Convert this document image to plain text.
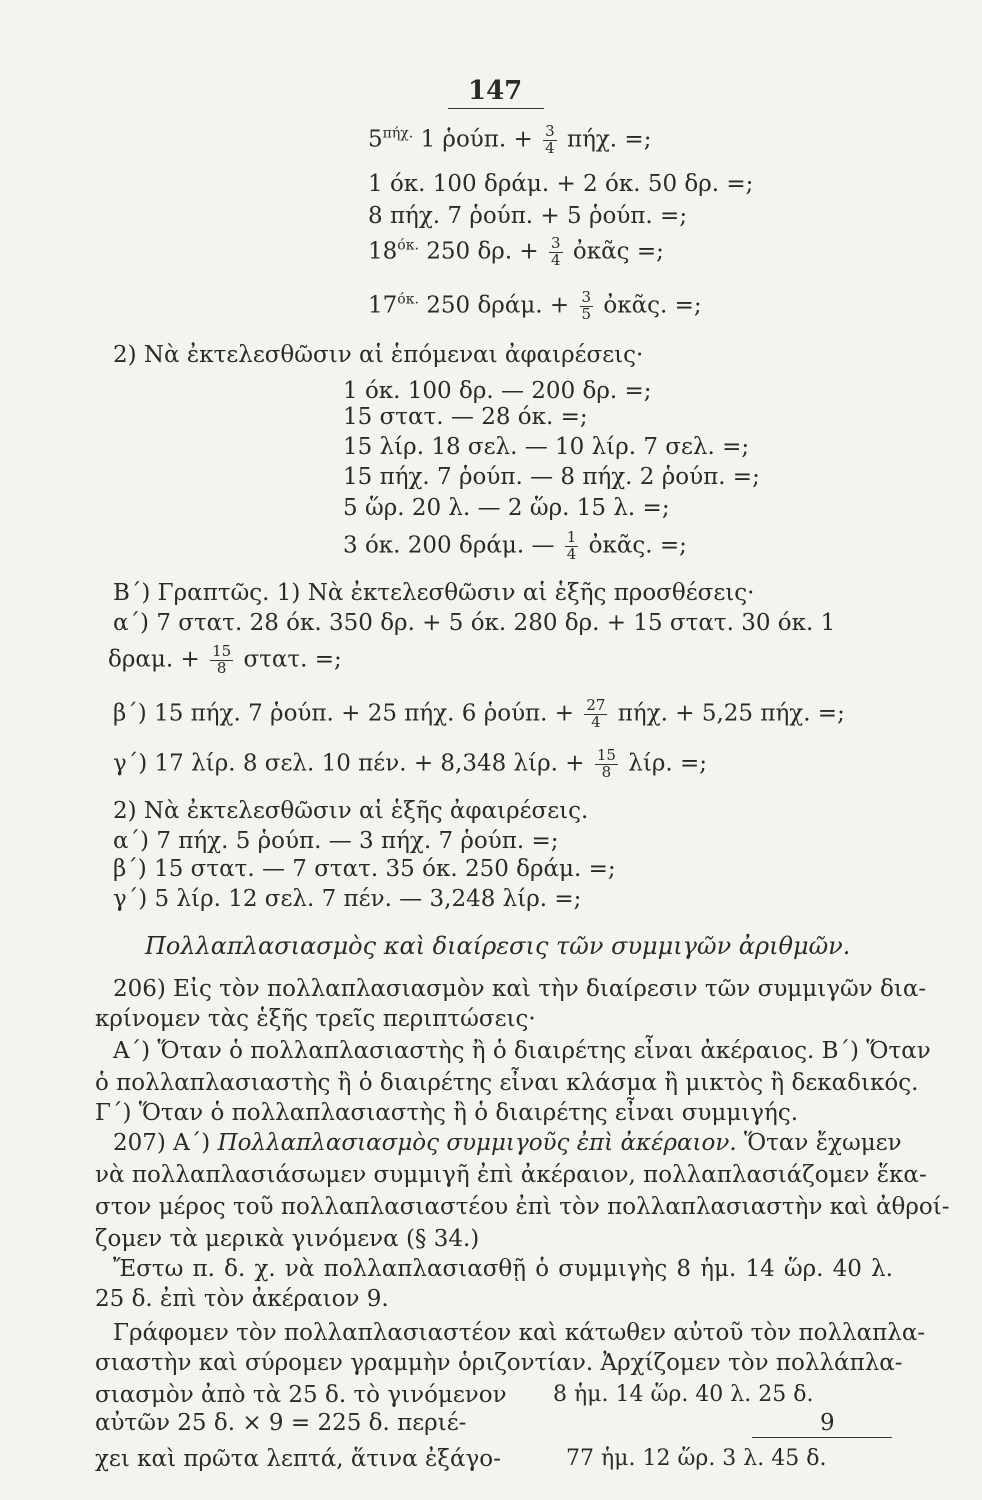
147
$5^{\pi ή\chi.}$ 1 ῥούπ. + $\frac{3}{4} \pi ή\chi$. =;
1 όκ. 100 δράμ. + 2 όκ. 50 δρ. =;
8 πήχ. 7 ῥούπ. + 5 ῥούπ. =;
$18^{ό\kappa.}$ 250 δρ. + $\frac{3}{4}$ ὀκᾶς =;
$17^{ό\kappa.}$ 250 δράμ. + $\frac{3}{5}$ ὀκᾶς. =;
2) Νὰ ἐκτελεσθῶσιν αἱ ἑπόμεναι ἀφαιρέσεις·
1 όκ. 100 δρ. — 200 δρ. =;
15 στατ. — 28 όκ. =;
15 λίρ. 18 σελ. — 10 λίρ. 7 σελ. =;
15 πήχ. 7 ῥούπ. — 8 πήχ. 2 ῥούπ. =;
5 ὥρ. 20 λ. — 2 ὥρ. 15 λ. =;
3 όκ. 200 δράμ. — $\frac{1}{4}$ ὀκᾶς. =;
Β΄) Γραπτῶς. 1) Νὰ ἐκτελεσθῶσιν αἱ ἑξῆς προσθέσεις·
α΄) 7 στατ. 28 όκ. 350 δρ. + 5 όκ. 280 δρ. + 15 στατ. 30 όκ. 1
δραμ. + $\frac{15}{8} \sigma\tau\alpha\tau$. =;
β΄) 15 πήχ. 7 ῥούπ. + 25 πήχ. 6 ῥούπ. + $\frac{27}{4} \pi ή\chi$. + 5,25 πήχ. =;
γ΄) 17 λίρ. 8 σελ. 10 πέν. + 8,348 λίρ. + $\frac{15}{8} \lambda ί\rho$. =;
2) Νὰ ἐκτελεσθῶσιν αἱ ἑξῆς ἀφαιρέσεις.
α΄) 7 πήχ. 5 ῥούπ. — 3 πήχ. 7 ῥούπ. =;
β΄) 15 στατ. — 7 στατ. 35 όκ. 250 δράμ. =;
γ΄) 5 λίρ. 12 σελ. 7 πέν. — 3,248 λίρ. =;
Πολλαπλασιασμὸς καὶ διαίρεσις τῶν συμμιγῶν ἀριθμῶν.
206) Εἰς τὸν πολλαπλασιασμὸν καὶ τὴν διαίρεσιν τῶν συμμιγῶν δια-
κρίνομεν τὰς ἑξῆς τρεῖς περιπτώσεις·
Α΄) Ὅταν ὁ πολλαπλασιαστὴς ἢ ὁ διαιρέτης εἶναι ἀκέραιος. Β΄) Ὅταν
ὁ πολλαπλασιαστὴς ἢ ὁ διαιρέτης εἶναι κλάσμα ἢ μικτὸς ἢ δεκαδικός.
Γ΄) Ὅταν ὁ πολλαπλασιαστὴς ἢ ὁ διαιρέτης εἶναι συμμιγής.
207) Α΄) Πολλαπλασιασμὸς συμμιγοῦς ἐπὶ ἀκέραιον. Ὅταν ἔχωμεν
νὰ πολλαπλασιάσωμεν συμμιγῆ ἐπὶ ἀκέραιον, πολλαπλασιάζομεν ἕκα-
στον μέρος τοῦ πολλαπλασιαστέου ἐπὶ τὸν πολλαπλασιαστὴν καὶ ἀθροί-
ζομεν τὰ μερικὰ γινόμενα (§ 34.)
Ἔστω π. δ. χ. νὰ πολλαπλασιασθῇ ὁ συμμιγὴς 8 ἡμ. 14 ὥρ. 40 λ.
25 δ. ἐπὶ τὸν ἀκέραιον 9.
Γράφομεν τὸν πολλαπλασιαστέον καὶ κάτωθεν αὐτοῦ τὸν πολλαπλα-
σιαστὴν καὶ σύρομεν γραμμὴν ὁριζοντίαν. Ἀρχίζομεν τὸν πολλάπλα-
σιασμὸν ἀπὸ τὰ 25 δ. τὸ γινόμενον
αὐτῶν 25 δ. × 9 = 225 δ. περιέ-
χει καὶ πρῶτα λεπτά, ἅτινα ἐξάγο-
8 ἡμ. 14 ὥρ. 40 λ. 25 δ.
9
77 ἡμ. 12 ὥρ. 3 λ. 45 δ.
